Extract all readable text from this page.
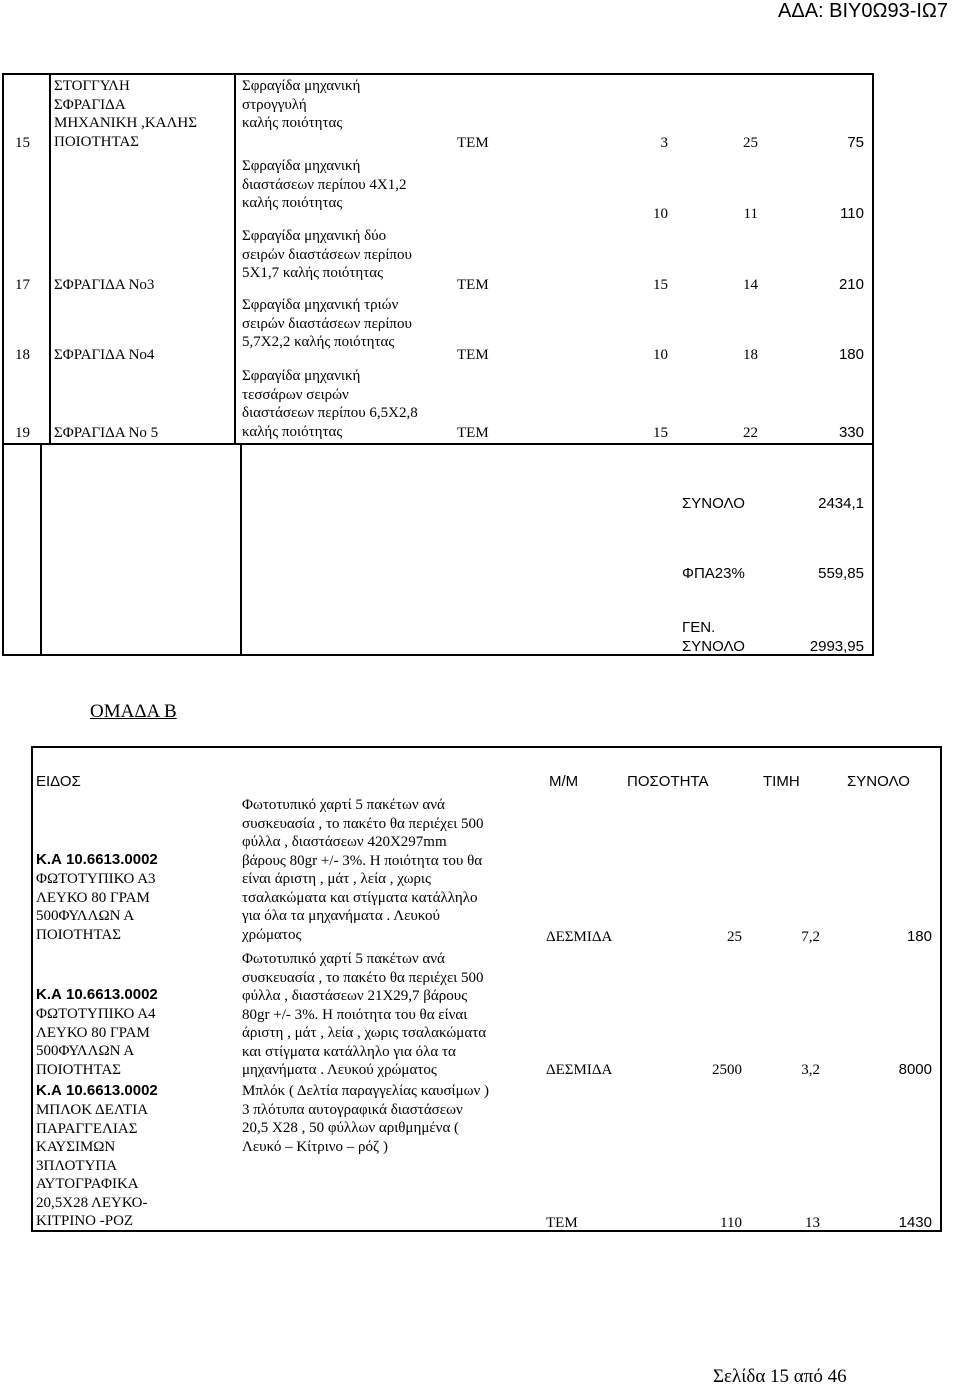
ΑΔΑ: ΒΙΥ0Ω93-ΙΩ7
15
ΣΤΟΓΓΥΛΗ
ΣΦΡΑΓΙΔΑ
ΜΗΧΑΝΙΚΗ ,ΚΑΛΗΣ
ΠΟΙΟΤΗΤΑΣ
Σφραγίδα μηχανική
στρογγυλή
καλής ποιότητας
ΤΕΜ	3	25	75
Σφραγίδα μηχανική
διαστάσεων περίπου 4Χ1,2
καλής ποιότητας
10	11	110
17 ΣΦΡΑΓΙΔΑ Νο3
Σφραγίδα μηχανική δύο
σειρών διαστάσεων περίπου
5Χ1,7 καλής ποιότητας
ΤΕΜ	15	14	210
18 ΣΦΡΑΓΙΔΑ Νο4
Σφραγίδα μηχανική τριών
σειρών διαστάσεων περίπου
5,7Χ2,2 καλής ποιότητας
ΤΕΜ	10	18	180
19 ΣΦΡΑΓΙΔΑ Νο 5
Σφραγίδα μηχανική
τεσσάρων σειρών
διαστάσεων περίπου 6,5Χ2,8
καλής ποιότητας	ΤΕΜ	15	22	330
ΣΥΝΟΛΟ	2434,1
ΦΠΑ23%	559,85
ΓΕΝ.
ΣΥΝΟΛΟ	2993,95
ΟΜΑΔΑ Β
ΕΙΔΟΣ	Μ/Μ	ΠΟΣΟΤΗΤΑ	ΤΙΜΗ	ΣΥΝΟΛΟ
Κ.Α 10.6613.0002
ΦΩΤΟΤΥΠΙΚΟ Α3
ΛΕΥΚΟ 80 ΓΡΑΜ
500ΦΥΛΛΩΝ Α
ΠΟΙΟΤΗΤΑΣ
Φωτοτυπικό χαρτί 5 πακέτων ανά
συσκευασία , το πακέτο θα περιέχει 500
φύλλα , διαστάσεων 420Χ297mm
βάρους 80gr +/- 3%. Η ποιότητα του θα
είναι άριστη , μάτ , λεία , χωρις
τσαλακώματα και στίγματα κατάλληλο
για όλα τα μηχανήματα . Λευκού
χρώματος	ΔΕΣΜΙΔΑ	25	7,2	180
Κ.Α 10.6613.0002
ΦΩΤΟΤΥΠΙΚΟ Α4
ΛΕΥΚΟ 80 ΓΡΑΜ
500ΦΥΛΛΩΝ Α
ΠΟΙΟΤΗΤΑΣ
Φωτοτυπικό χαρτί 5 πακέτων ανά
συσκευασία , το πακέτο θα περιέχει 500
φύλλα , διαστάσεων 21Χ29,7 βάρους
80gr +/- 3%. Η ποιότητα του θα είναι
άριστη , μάτ , λεία , χωρις τσαλακώματα
και στίγματα κατάλληλο για όλα τα
μηχανήματα . Λευκού χρώματος	ΔΕΣΜΙΔΑ	2500	3,2	8000
Κ.Α 10.6613.0002
ΜΠΛΟΚ ΔΕΛΤΙΑ
ΠΑΡΑΓΓΕΛΙΑΣ
ΚΑΥΣΙΜΩΝ
3ΠΛΟΤΥΠΑ
ΑΥΤΟΓΡΑΦΙΚΑ
20,5Χ28 ΛΕΥΚΟ-
ΚΙΤΡΙΝΟ -ΡΟΖ
Μπλόκ ( Δελτία παραγγελίας καυσίμων )
3 πλότυπα αυτογραφικά διαστάσεων
20,5 Χ28 , 50 φύλλων αριθμημένα (
Λευκό – Κίτρινο – ρόζ )
ΤΕΜ	110	13	1430
Σελίδα 15 από 46
